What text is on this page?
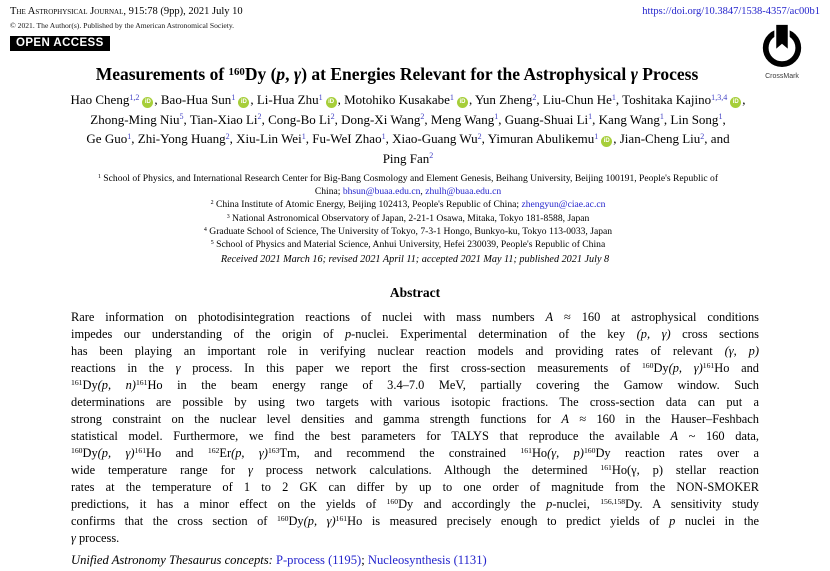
The Astrophysical Journal, 915:78 (9pp), 2021 July 10	https://doi.org/10.3847/1538-4357/ac00b1
© 2021. The Author(s). Published by the American Astronomical Society.
OPEN ACCESS
CrossMark
Measurements of $^{160}$Dy (p, γ) at Energies Relevant for the Astrophysical γ Process
Hao Cheng$^{1,2}$iD , Bao-Hua Sun$^1$iD , Li-Hua Zhu$^1$iD , Motohiko Kusakabe$^1$iD , Yun Zheng$^2$, Liu-Chun He$^1$, Toshitaka Kajino$^{1,3,4}$iD ,
Zhong-Ming Niu$^5$, Tian-Xiao Li$^2$, Cong-Bo Li$^2$, Dong-Xi Wang$^2$, Meng Wang$^1$, Guang-Shuai Li$^1$, Kang Wang$^1$, Lin Song$^1$,
Ge Guo$^1$, Zhi-Yong Huang$^2$, Xiu-Lin Wei$^1$, Fu-WeI Zhao$^1$, Xiao-Guang Wu$^2$, Yimuran Abulikemu$^1$iD , Jian-Cheng Liu$^2$, and
Ping Fan$^2$
$^1$ School of Physics, and International Research Center for Big-Bang Cosmology and Element Genesis, Beihang University, Beijing 100191, People's Republic of
China; bhsun@buaa.edu.cn, zhulh@buaa.edu.cn
$^2$ China Institute of Atomic Energy, Beijing 102413, People's Republic of China; zhengyun@ciae.ac.cn
$^3$ National Astronomical Observatory of Japan, 2-21-1 Osawa, Mitaka, Tokyo 181-8588, Japan
$^4$ Graduate School of Science, The University of Tokyo, 7-3-1 Hongo, Bunkyo-ku, Tokyo 113-0033, Japan
$^5$ School of Physics and Material Science, Anhui University, Hefei 230039, People's Republic of China
Received 2021 March 16; revised 2021 April 11; accepted 2021 May 11; published 2021 July 8
Abstract
Rare information on photodisintegration reactions of nuclei with mass numbers A ≈ 160 at astrophysical conditions
impedes our understanding of the origin of p-nuclei. Experimental determination of the key (p, γ) cross sections
has been playing an important role in verifying nuclear reaction models and providing rates of relevant (γ, p)
reactions in the γ process. In this paper we report the first cross-section measurements of $^{160}$Dy(p, γ)$^{161}$Ho and
$^{161}$Dy(p, n)$^{161}$Ho in the beam energy range of 3.4–7.0 MeV, partially covering the Gamow window. Such
determinations are possible by using two targets with various isotopic fractions. The cross-section data can put a
strong constraint on the nuclear level densities and gamma strength functions for A ≈ 160 in the Hauser–Feshbach
statistical model. Furthermore, we find the best parameters for TALYS that reproduce the available A ~ 160 data,
$^{160}$Dy(p, γ)$^{161}$Ho and $^{162}$Er(p, γ)$^{163}$Tm, and recommend the constrained $^{161}$Ho(γ, p)$^{160}$Dy reaction rates over a
wide temperature range for γ process network calculations. Although the determined $^{161}$Ho(γ, p) stellar reaction
rates at the temperature of 1 to 2 GK can differ by up to one order of magnitude from the NON-SMOKER
predictions, it has a minor effect on the yields of $^{160}$Dy and accordingly the p-nuclei, $^{156,158}$Dy. A sensitivity study
confirms that the cross section of $^{160}$Dy(p, γ)$^{161}$Ho is measured precisely enough to predict yields of p nuclei in the
γ process.
Unified Astronomy Thesaurus concepts: P-process (1195); Nucleosynthesis (1131)
